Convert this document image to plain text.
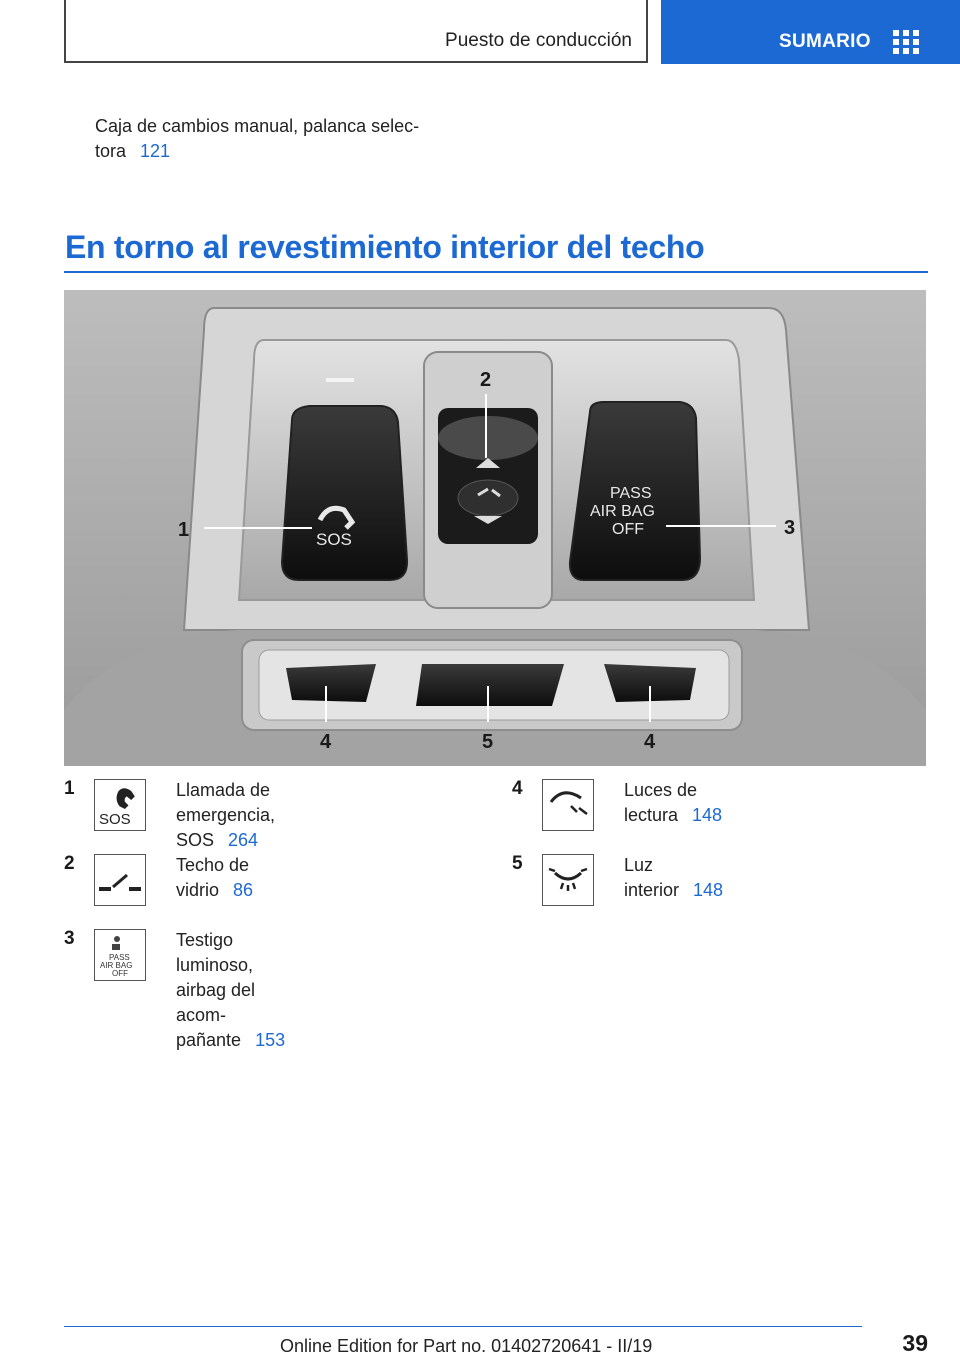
Puesto de conducción	SUMARIO
Caja de cambios manual, palanca selec-
tora 121
En torno al revestimiento interior del techo
SOS
PASS
AIR BAG
OFF
1
2
3
4	5	4
1
SOS
Llamada de emergencia,
SOS 264
2	Techo de vidrio 86
3
PASS
AIR BAG
OFF
Testigo luminoso, airbag del acom-
pañante 153
4	Luces de lectura 148
5	Luz interior 148
39
Online Edition for Part no. 01402720641 - II/19
